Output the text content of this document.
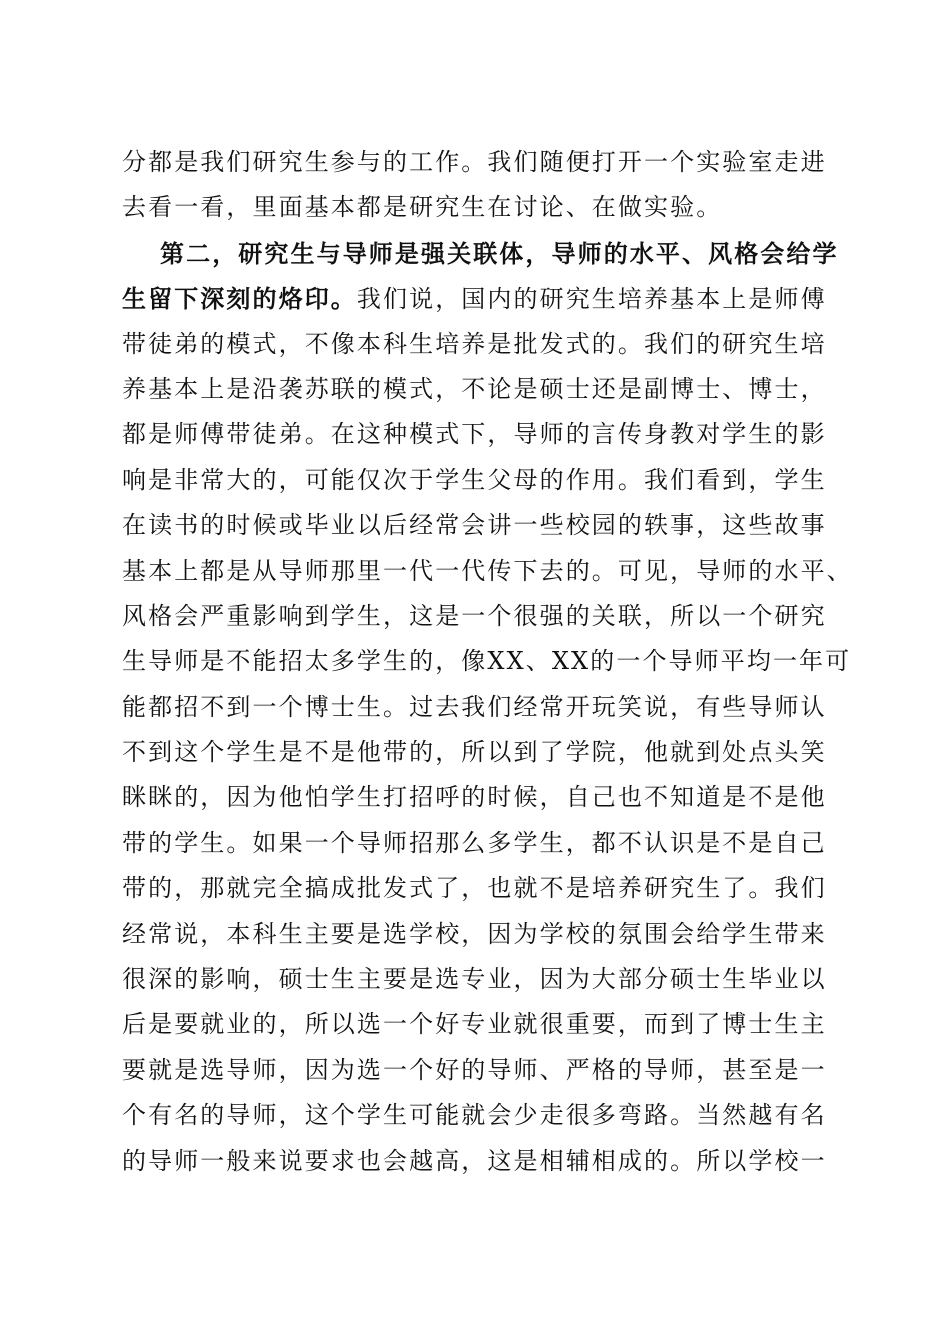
分都是我们研究生参与的工作。我们随便打开一个实验室走进
去看一看，里面基本都是研究生在讨论、在做实验。
第二，研究生与导师是强关联体，导师的水平、风格会给学
生留下深刻的烙印。我们说，国内的研究生培养基本上是师傅
带徒弟的模式，不像本科生培养是批发式的。我们的研究生培
养基本上是沿袭苏联的模式，不论是硕士还是副博士、博士，
都是师傅带徒弟。在这种模式下，导师的言传身教对学生的影
响是非常大的，可能仅次于学生父母的作用。我们看到，学生
在读书的时候或毕业以后经常会讲一些校园的轶事，这些故事
基本上都是从导师那里一代一代传下去的。可见，导师的水平、
风格会严重影响到学生，这是一个很强的关联，所以一个研究
生导师是不能招太多学生的，像XX、XX的一个导师平均一年可
能都招不到一个博士生。过去我们经常开玩笑说，有些导师认
不到这个学生是不是他带的，所以到了学院，他就到处点头笑
眯眯的，因为他怕学生打招呼的时候，自己也不知道是不是他
带的学生。如果一个导师招那么多学生，都不认识是不是自己
带的，那就完全搞成批发式了，也就不是培养研究生了。我们
经常说，本科生主要是选学校，因为学校的氛围会给学生带来
很深的影响，硕士生主要是选专业，因为大部分硕士生毕业以
后是要就业的，所以选一个好专业就很重要，而到了博士生主
要就是选导师，因为选一个好的导师、严格的导师，甚至是一
个有名的导师，这个学生可能就会少走很多弯路。当然越有名
的导师一般来说要求也会越高，这是相辅相成的。所以学校一
